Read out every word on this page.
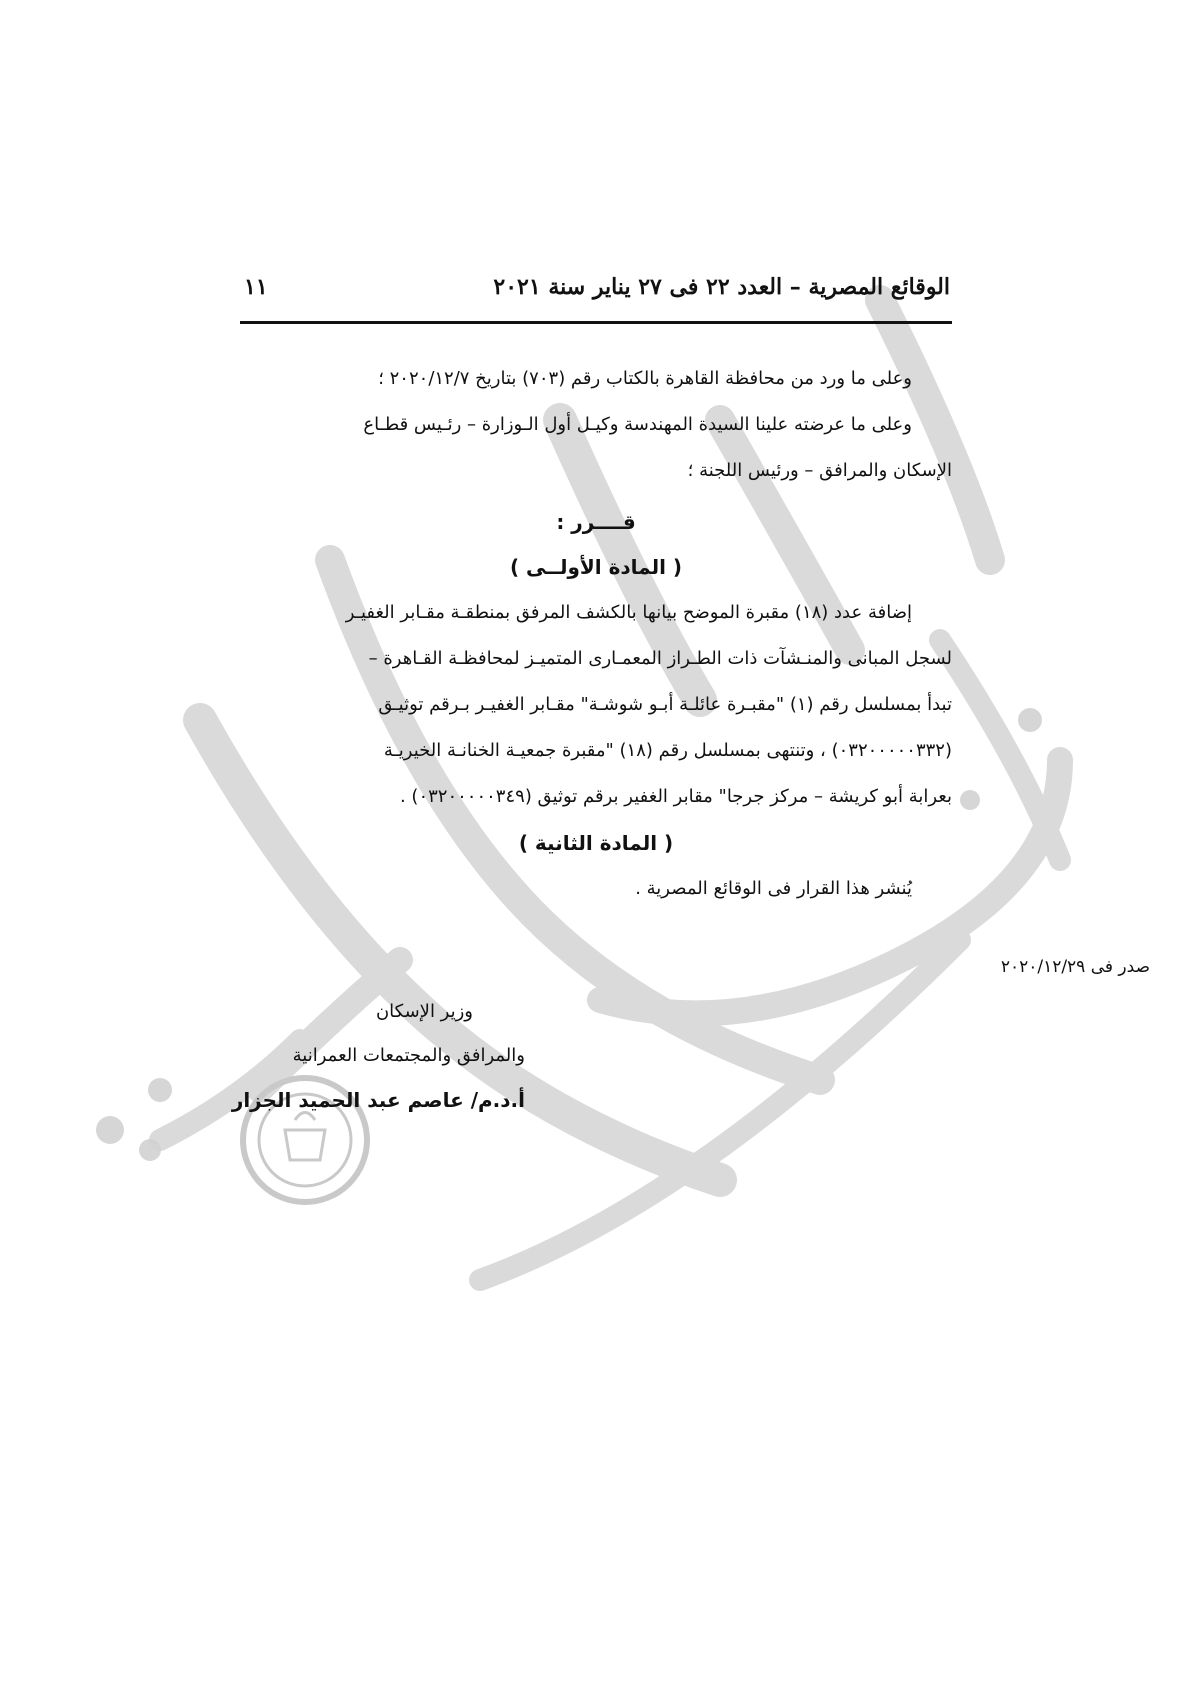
الوقائع المصرية – العدد ٢٢ فى ٢٧ يناير سنة ٢٠٢١
١١
وعلى ما ورد من محافظة القاهرة بالكتاب رقم (٧٠٣) بتاريخ ٢٠٢٠/١٢/٧ ؛
وعلى ما عرضته علينا السيدة المهندسة وكيـل أول الـوزارة – رئـيس قطـاع
الإسكان والمرافق – ورئيس اللجنة ؛
قــــرر :
( المادة الأولــى )
إضافة عدد (١٨) مقبرة الموضح بيانها بالكشف المرفق بمنطقـة مقـابر الغفيـر
لسجل المبانى والمنـشآت ذات الطـراز المعمـارى المتميـز لمحافظـة القـاهرة –
تبدأ بمسلسل رقم (١) "مقبـرة عائلـة أبـو شوشـة" مقـابر الغفيـر بـرقم توثيـق
(٠٣٢٠٠٠٠٠٣٣٢) ، وتنتهى بمسلسل رقم (١٨) "مقبرة جمعيـة الخنانـة الخيريـة
بعرابة أبو كريشة – مركز جرجا" مقابر الغفير برقم توثيق (٠٣٢٠٠٠٠٠٣٤٩) .
( المادة الثانية )
يُنشر هذا القرار فى الوقائع المصرية .
صدر فى ٢٠٢٠/١٢/٢٩
وزير الإسكان
والمرافق والمجتمعات العمرانية
أ.د.م/ عاصم عبد الحميد الجزار
